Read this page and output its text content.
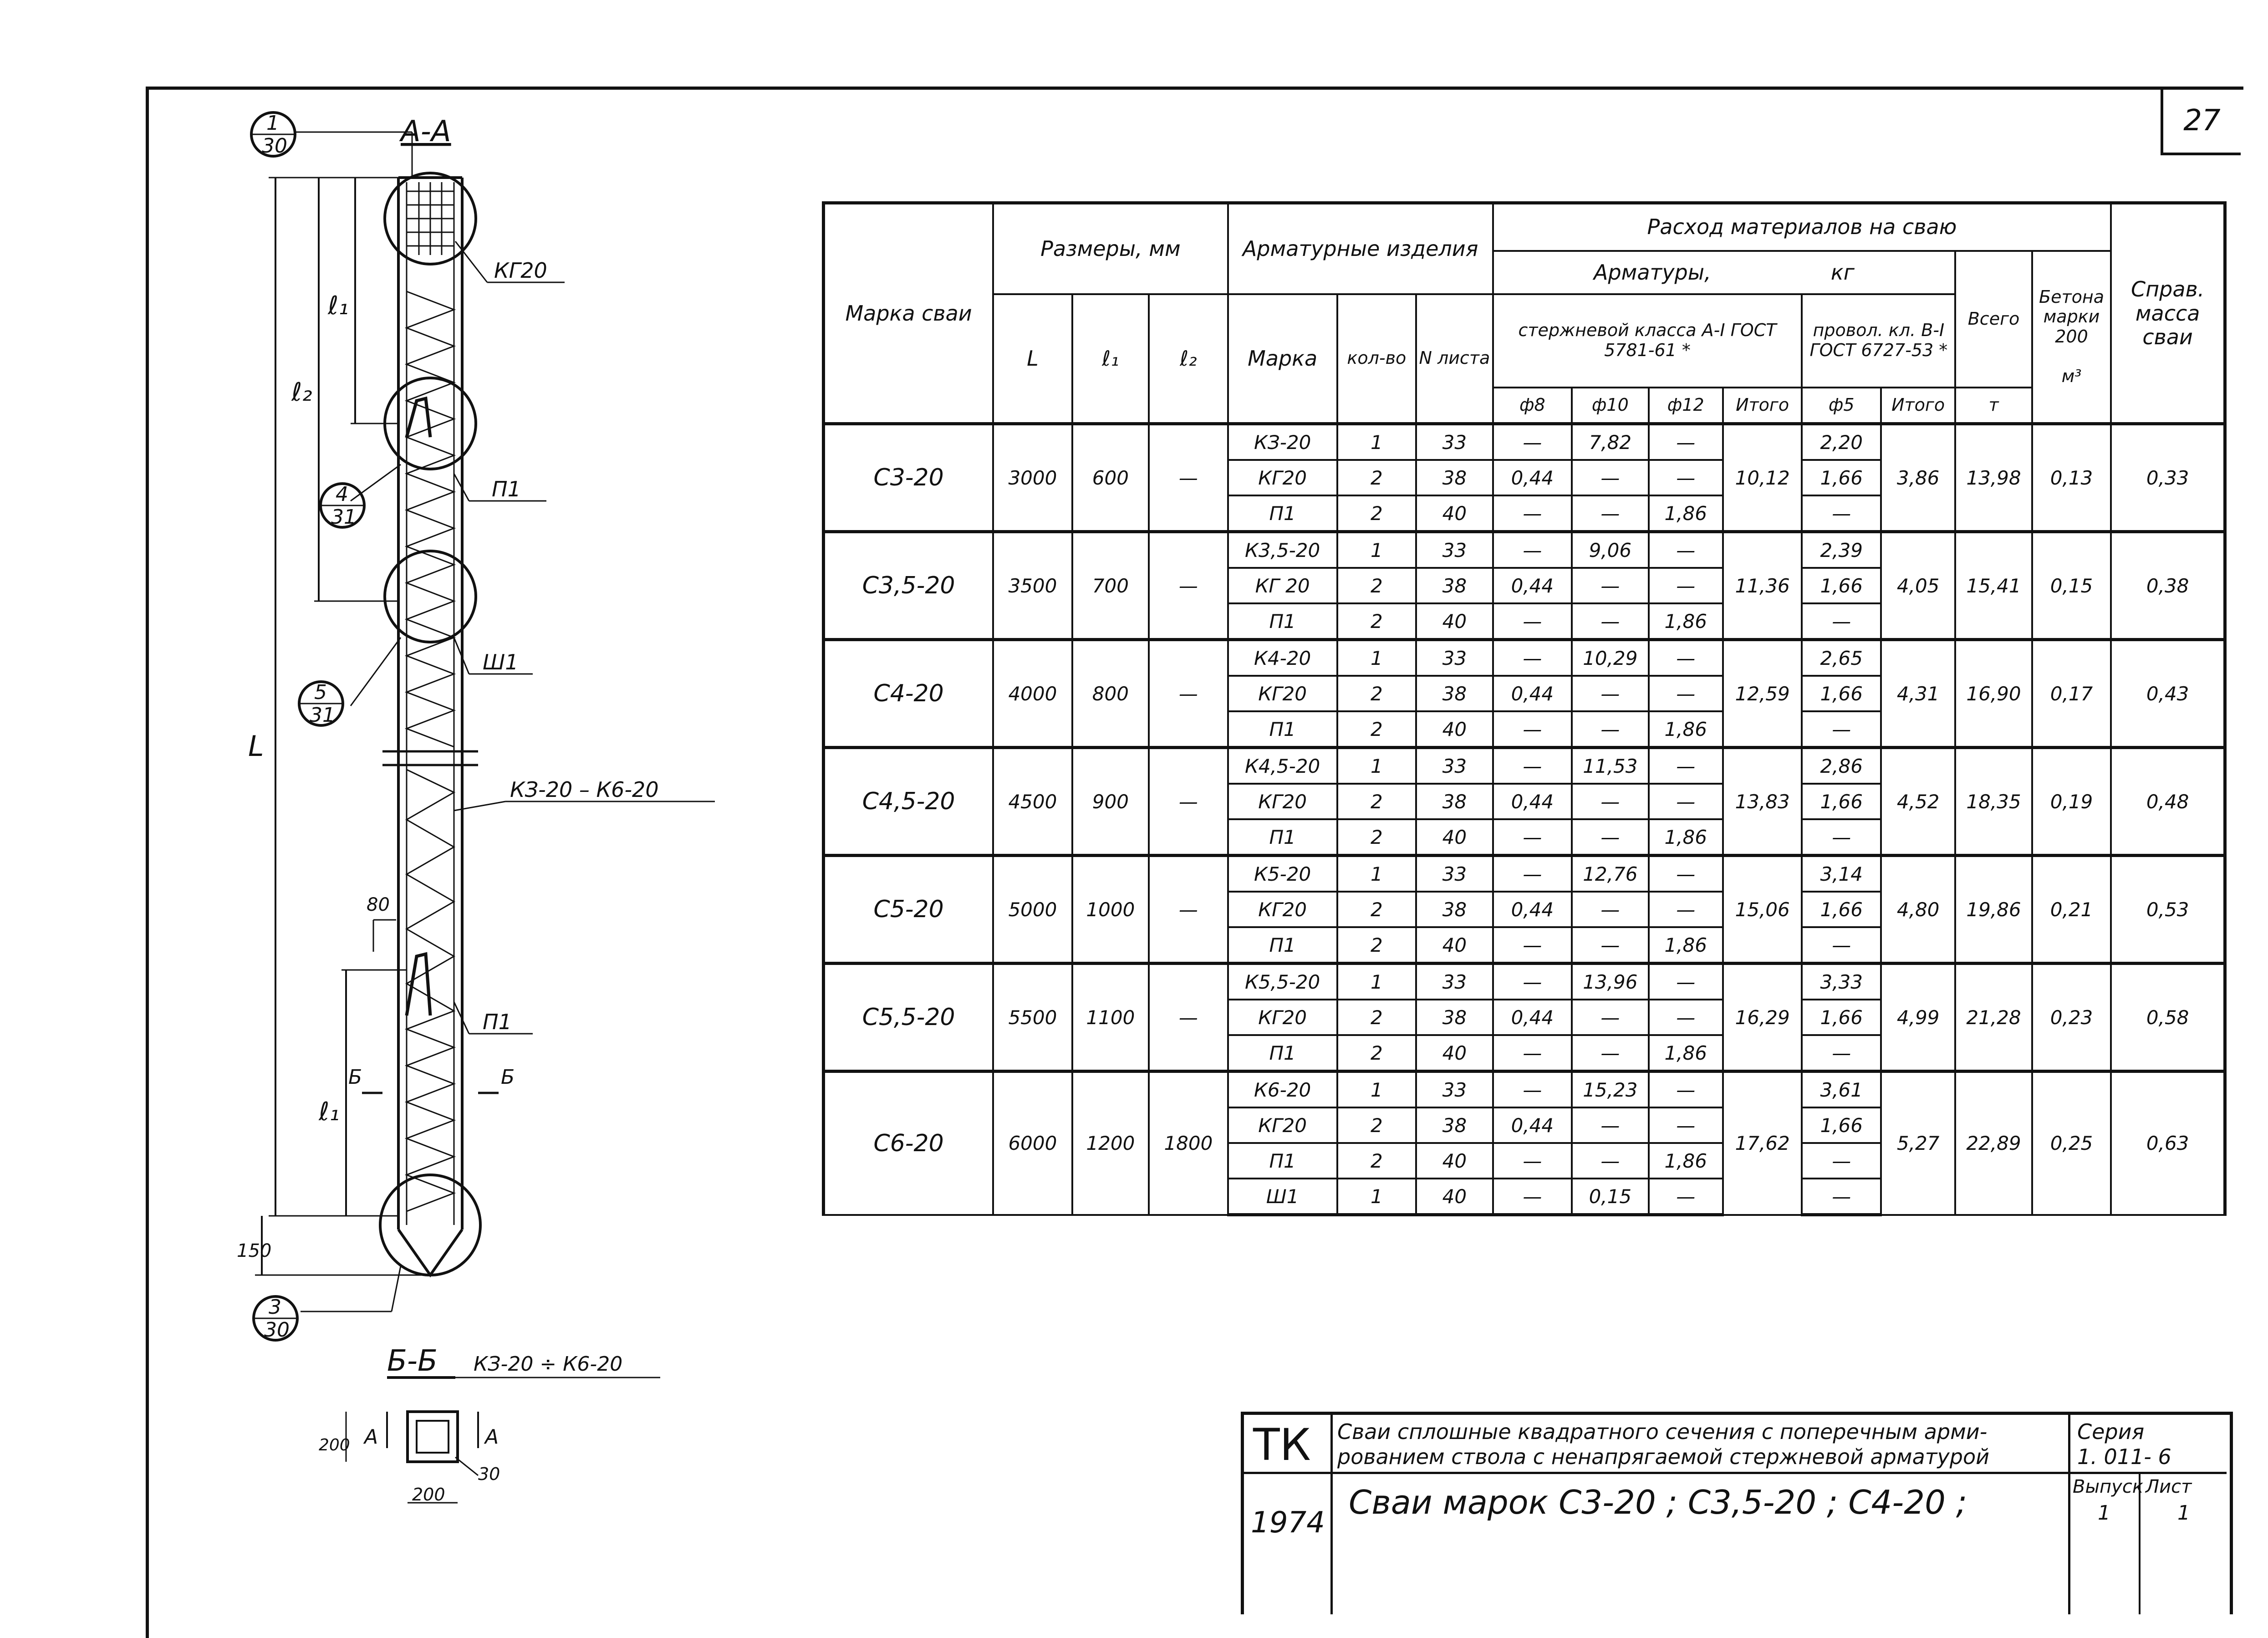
27
1
30
4
31
5
31
3
30
А-А
КГ20
П1
Ш1
КЗ-20 – К6-20
П1
80
Б	Б
L
ℓ₁
ℓ₂
ℓ₁
150
Б-Б КЗ-20 ÷ К6-20
200 А	А
30
200
Марка сваи	Размеры, мм			Арматурные изделия			Расход материалов на сваю								Справ. масса сваи
							Арматуры, кг						Всего	Бетона марки 200

м³	
	L	ℓ₁	ℓ₂	Марка	кол-во	N листа	стержневой класса А-I ГОСТ 5781-61 *				провол. кл. В-I ГОСТ 6727-53 *				
							ф8	ф10	ф12	Итого	ф5	Итого	т		
С3-20	3000	600	—	КЗ-20	1	33	—	7,82	—	10,12	2,20	3,86	13,98	0,13	0,33
				КГ20	2	38	0,44	—	—		1,66				
				П1	2	40	—	—	1,86		—				
С3,5-20	3500	700	—	К3,5-20	1	33	—	9,06	—	11,36	2,39	4,05	15,41	0,15	0,38
				КГ 20	2	38	0,44	—	—		1,66				
				П1	2	40	—	—	1,86		—				
С4-20	4000	800	—	К4-20	1	33	—	10,29	—	12,59	2,65	4,31	16,90	0,17	0,43
				КГ20	2	38	0,44	—	—		1,66				
				П1	2	40	—	—	1,86		—				
С4,5-20	4500	900	—	К4,5-20	1	33	—	11,53	—	13,83	2,86	4,52	18,35	0,19	0,48
				КГ20	2	38	0,44	—	—		1,66				
				П1	2	40	—	—	1,86		—				
С5-20	5000	1000	—	К5-20	1	33	—	12,76	—	15,06	3,14	4,80	19,86	0,21	0,53
				КГ20	2	38	0,44	—	—		1,66				
				П1	2	40	—	—	1,86		—				
С5,5-20	5500	1100	—	К5,5-20	1	33	—	13,96	—	16,29	3,33	4,99	21,28	0,23	0,58
				КГ20	2	38	0,44	—	—		1,66				
				П1	2	40	—	—	1,86		—				
С6-20	6000	1200	1800	К6-20	1	33	—	15,23	—	17,62	3,61	5,27	22,89	0,25	0,63
				КГ20	2	38	0,44	—	—		1,66				
				П1	2	40	—	—	1,86		—				
				Ш1	1	40	—	0,15	—		—				
ТК Сваи сплошные квадратного сечения с поперечным арми-
рованием ствола с ненапрягаемой стержневой арматурой
Серия
1. 011- 6
1974
Сваи марок С3-20 ; С3,5-20 ; С4-20 ;	Выпуск
1
Лист
1
